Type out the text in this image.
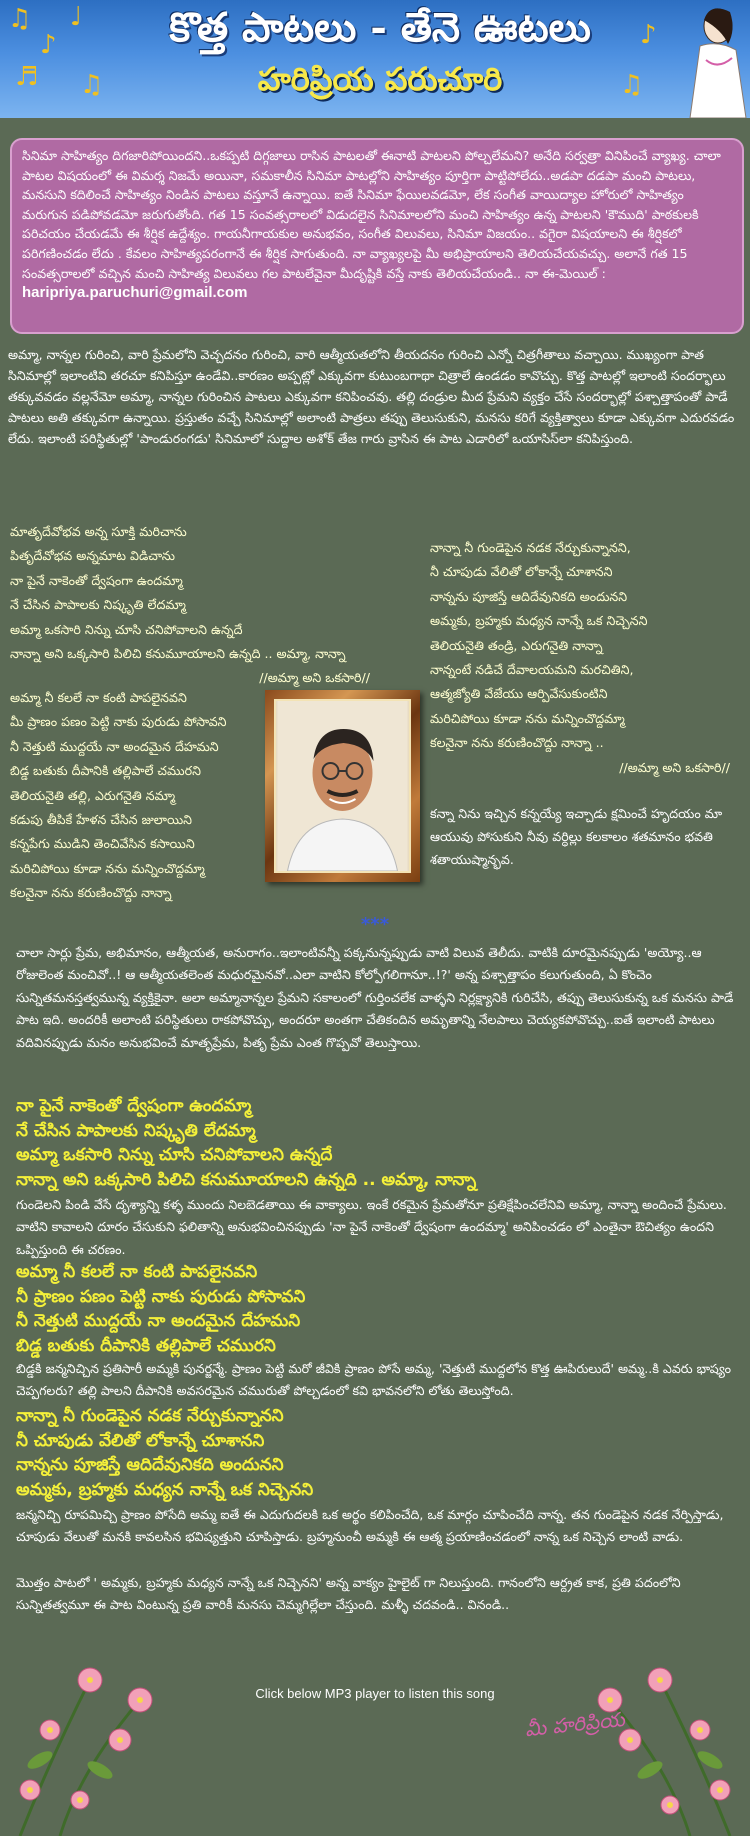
♫
♪
♩
♬ ♫
♪
♫
కొత్త పాటలు - తేనె ఊటలు
హరిప్రియ పరుచూరి
సినిమా సాహిత్యం దిగజారిపోయిందని..ఒకప్పటి దిగ్గజాలు రాసిన పాటలతో ఈనాటి పాటలని పోల్చలేమని? అనేది సర్వత్రా వినిపించే వ్యాఖ్య. చాలా పాటల విషయంలో ఈ విమర్శ నిజమే అయినా, సమకాలీన సినిమా పాటల్లోని సాహిత్యం పూర్తిగా పాట్టిపోలేదు..అడపా దడపా మంచి పాటలు, మనసుని కదిలించే సాహిత్యం నిండిన పాటలు వస్తూనే ఉన్నాయి. ఐతే సినిమా ఫేయిలవడమో, లేక సంగీత వాయిద్యాల హోరులో సాహిత్యం మరుగున పడిపోవడమో జరుగుతోంది. గత 15 సంవత్సరాలలో విడుదలైన సినిమాలలోని మంచి సాహిత్యం ఉన్న పాటలని 'కౌముది' పాఠకులకి పరిచయం చేయడమే ఈ శీర్షిక ఉద్దేశ్యం. గాయనీగాయకుల అనుభవం, సంగీత విలువలు, సినిమా విజయం.. వగైరా విషయాలని ఈ శీర్షికలో పరిగణించడం లేదు . కేవలం సాహిత్యపరంగానే ఈ శీర్షిక సాగుతుంది. నా వ్యాఖ్యలపై మీ అభిప్రాయాలని తెలియచేయవచ్చు. అలానే గత 15 సంవత్సరాలలో వచ్చిన మంచి సాహిత్య విలువలు గల పాటలేవైనా మీదృష్టికి వస్తే నాకు తెలియచేయండి.. నా ఈ-మెయిల్ : haripriya.paruchuri@gmail.com
అమ్మా, నాన్నల గురించి, వారి ప్రేమలోని వెచ్చదనం గురించి, వారి ఆత్మీయతలోని తీయదనం గురించి ఎన్నో చిత్రగీతాలు వచ్చాయి. ముఖ్యంగా పాత సినిమాల్లో ఇలాంటివి తరచూ కనిపిస్తూ ఉండేవి..కారణం అప్పట్లో ఎక్కువగా కుటుంబగాథా చిత్రాలే ఉండడం కావొచ్చు. కొత్త పాటల్లో ఇలాంటి సందర్భాలు తక్కువవడం వల్లనేమో అమ్మా, నాన్నల గురించిన పాటలు ఎక్కువగా కనిపించవు. తల్లి దండ్రుల మీద ప్రేమని వ్యక్తం చేసే సందర్భాల్లో పశ్చాత్తాపంతో పాడే పాటలు అతి తక్కువగా ఉన్నాయి. ప్రస్తుతం వచ్చే సినిమాల్లో అలాంటి పాత్రలు తప్పు తెలుసుకుని, మనసు కరిగే వ్యక్తిత్వాలు కూడా ఎక్కువగా ఎదురవడం లేదు. ఇలాంటి పరిస్థితుల్లో 'పాండురంగడు' సినిమాలో సుద్దాల అశోక్ తేజ గారు వ్రాసిన ఈ పాట ఎడారిలో ఒయాసిస్‌లా కనిపిస్తుంది.
మాతృదేవోభవ అన్న సూక్తి మరిచాను
పితృదేవోభవ అన్నమాట విడిచాను
నా పైనే నాకెంతో ద్వేషంగా ఉందమ్మా
నే చేసిన పాపాలకు నిష్కృతి లేదమ్మా
అమ్మా ఒకసారి నిన్ను చూసి చనిపోవాలని ఉన్నదే
నాన్నా అని ఒక్కసారి పిలిచి కనుమూయాలని ఉన్నది .. అమ్మా, నాన్నా
//అమ్మా అని ఒకసారి//
అమ్మా నీ కలలే నా కంటి పాపలైనవని
మీ ప్రాణం పణం పెట్టి నాకు పురుడు పోసావని
నీ నెత్తుటి ముద్దయే నా అందమైన దేహమని
బిడ్డ బతుకు దీపానికి తల్లిపాలే చమురని
తెలియనైతి తల్లి, ఎరుగనైతి నమ్మా
కడుపు తీపికే హేళన చేసిన జులాయిని
కన్నపేగు ముడిని తెంచివేసిన కసాయిని
మరిచిపోయి కూడా నను మన్నించొద్దమ్మా
కలనైనా నను కరుణించొద్దు నాన్నా
నాన్నా నీ గుండెపైన నడక నేర్చుకున్నానని,
నీ చూపుడు వేలితో లోకాన్నే చూశానని
నాన్నను పూజిస్తే ఆదిదేవునికది అందునని
అమ్మకు, బ్రహ్మకు మధ్యన నాన్నే ఒక నిచ్చెనని
తెలియనైతి తండ్రి, ఎరుగనైతి నాన్నా
నాన్నంటే నడిచే దేవాలయమని మరచితిని,
ఆత్మజ్యోతి వేజేయు ఆర్పివేసుకుంటిని
మరిచిపోయి కూడా నను మన్నించొద్దమ్మా
కలనైనా నను కరుణించొద్దు నాన్నా ..
//అమ్మా అని ఒకసారి//
కన్నా నిను ఇచ్చిన కన్నయ్యే ఇచ్చాడు క్షమించే హృదయం మా ఆయువు పోసుకుని నీవు వర్ధిల్లు కలకాలం శతమానం భవతి శతాయుష్మాన్భవ.
***
చాలా సార్లు ప్రేమ, అభిమానం, ఆత్మీయత, అనురాగం..ఇలాంటివన్నీ పక్కనున్నప్పుడు వాటి విలువ తెలీదు. వాటికి దూరమైనప్పుడు 'అయ్యో..ఆ రోజులెంత మంచివో..! ఆ ఆత్మీయతలెంత మధురమైనవో..ఎలా వాటిని కోల్పోగలిగానూ..!?' అన్న పశ్చాత్తాపం కలుగుతుంది, ఏ కొంచెం సున్నితమనస్తత్వమున్న వ్యక్తికైనా. అలా అమ్మానాన్నల ప్రేమని సకాలంలో గుర్తించలేక వాళ్ళని నిర్లక్ష్యానికి గురిచేసి, తప్పు తెలుసుకున్న ఒక మనసు పాడే పాట ఇది. అందరికీ అలాంటి పరిస్థితులు రాకపోవొచ్చు, అందరూ అంతగా చేతికందిన అమృతాన్ని నేలపాలు చెయ్యకపోవొచ్చు..ఐతే ఇలాంటి పాటలు వదివినప్పుడు మనం అనుభవించే మాతృప్రేమ, పితృ ప్రేమ ఎంత గొప్పవో తెలుస్తాయి.
నా పైనే నాకెంతో ద్వేషంగా ఉందమ్మా
నే చేసిన పాపాలకు నిష్కృతి లేదమ్మా
అమ్మా ఒకసారి నిన్ను చూసి చనిపోవాలని ఉన్నదే
నాన్నా అని ఒక్కసారి పిలిచి కనుమూయాలని ఉన్నది .. అమ్మా, నాన్నా
గుండెలని పిండి వేసే దృశ్యాన్ని కళ్ళ ముందు నిలబెడతాయి ఈ వాక్యాలు. ఇంకే రకమైన ప్రేమతోనూ ప్రతిక్షేపించలేనివి అమ్మా, నాన్నా అందించే ప్రేమలు. వాటిని కావాలని దూరం చేసుకుని ఫలితాన్ని అనుభవించినప్పుడు 'నా పైనే నాకెంతో ద్వేషంగా ఉందమ్మా' అనిపించడం లో ఎంతైనా ఔచిత్యం ఉందని ఒప్పిస్తుంది ఈ చరణం.
అమ్మా నీ కలలే నా కంటి పాపలైనవని
నీ ప్రాణం పణం పెట్టి నాకు పురుడు పోసావని
నీ నెత్తుటి ముద్దయే నా అందమైన దేహమని
బిడ్డ బతుకు దీపానికి తల్లిపాలే చమురని
బిడ్డకి జన్మనిచ్చిన ప్రతిసారీ అమ్మకి పునర్జన్మే. ప్రాణం పెట్టి మరో జీవికి ప్రాణం పోసే అమ్మ, 'నెత్తుటి ముద్దలోన కొత్త ఊపిరులుదే' అమ్మ..కి ఎవరు భాష్యం చెప్పగలరు? తల్లి పాలని దీపానికి అవసరమైన చమురుతో పోల్చడంలో కవి భావనలోని లోతు తెలుస్తోంది.
నాన్నా నీ గుండెపైన నడక నేర్చుకున్నానని
నీ చూపుడు వేలితో లోకాన్నే చూశానని
నాన్నను పూజిస్తే ఆదిదేవునికది అందునని
అమ్మకు, బ్రహ్మకు మధ్యన నాన్నే ఒక నిచ్చెనని
జన్మనిచ్చి రూపమిచ్చి ప్రాణం పోసేది అమ్మ ఐతే ఈ ఎదుగుదలకి ఒక అర్థం కలిపించేది, ఒక మార్గం చూపించేది నాన్న. తన గుండెపైన నడక నేర్పిస్తాడు, చూపుడు వేలుతో మనకి కావలసిన భవిష్యత్తుని చూపిస్తాడు. బ్రహ్మనుంచీ అమ్మకి ఈ ఆత్మ ప్రయాణించడంలో నాన్న ఒక నిచ్చెన లాంటి వాడు.
మొత్తం పాటలో ' అమ్మకు, బ్రహ్మకు మధ్యన నాన్నే ఒక నిచ్చెనని' అన్న వాక్యం హైలైట్ గా నిలుస్తుంది. గానంలోని ఆర్ద్రత కాక, ప్రతి పదంలోని సున్నితత్వమూ ఈ పాట వింటున్న ప్రతి వారికీ మనసు చెమ్మగిల్లేలా చేస్తుంది. మళ్ళీ చదవండి.. వినండి..
Click below MP3 player to listen this song
మీ హరిప్రియ
